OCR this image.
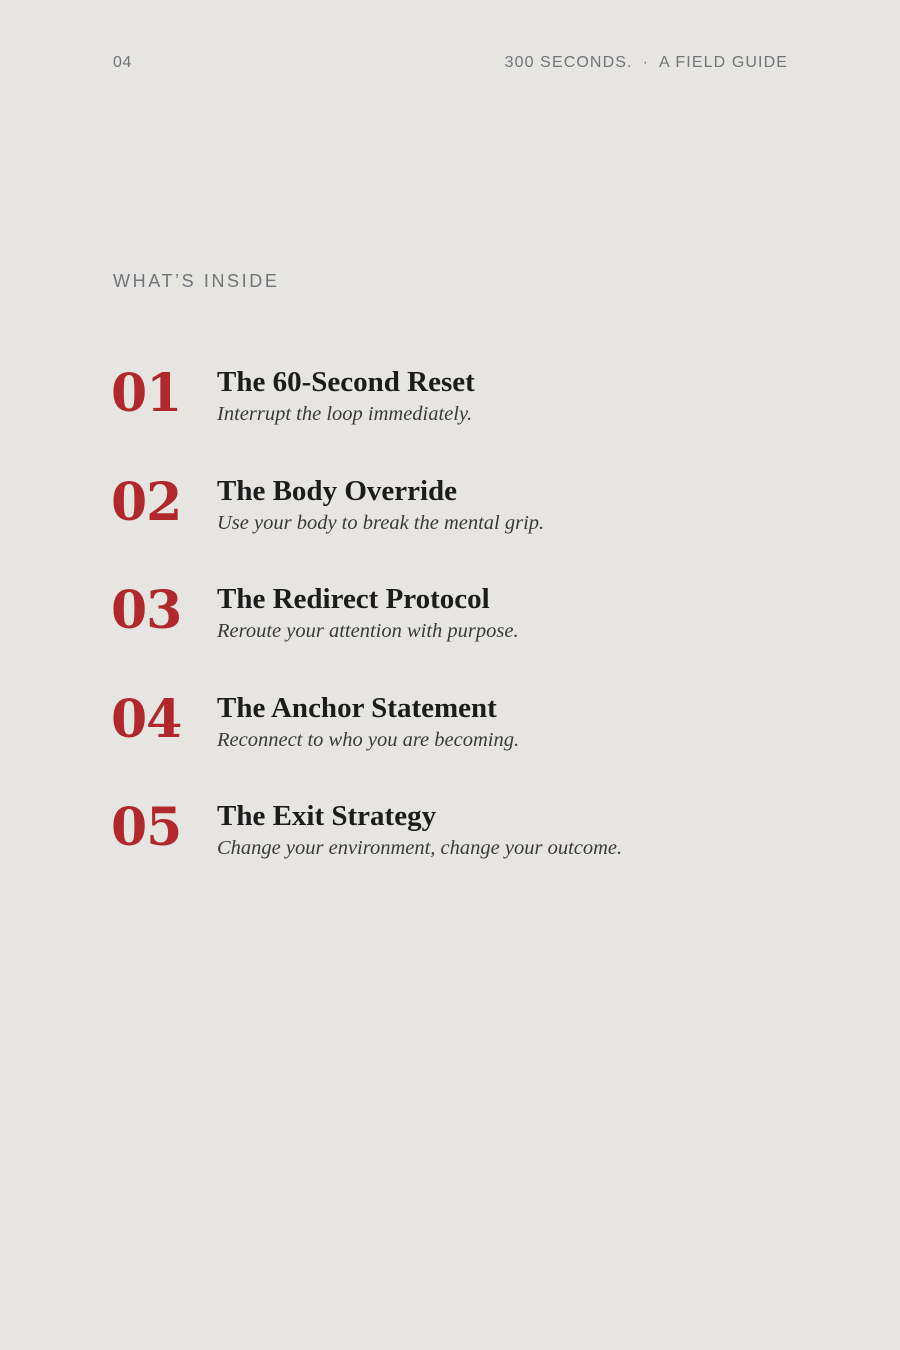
04	300 SECONDS. · A FIELD GUIDE
WHAT’S INSIDE
01 The 60-Second Reset
Interrupt the loop immediately.
02 The Body Override
Use your body to break the mental grip.
03 The Redirect Protocol
Reroute your attention with purpose.
04 The Anchor Statement
Reconnect to who you are becoming.
05 The Exit Strategy
Change your environment, change your outcome.
